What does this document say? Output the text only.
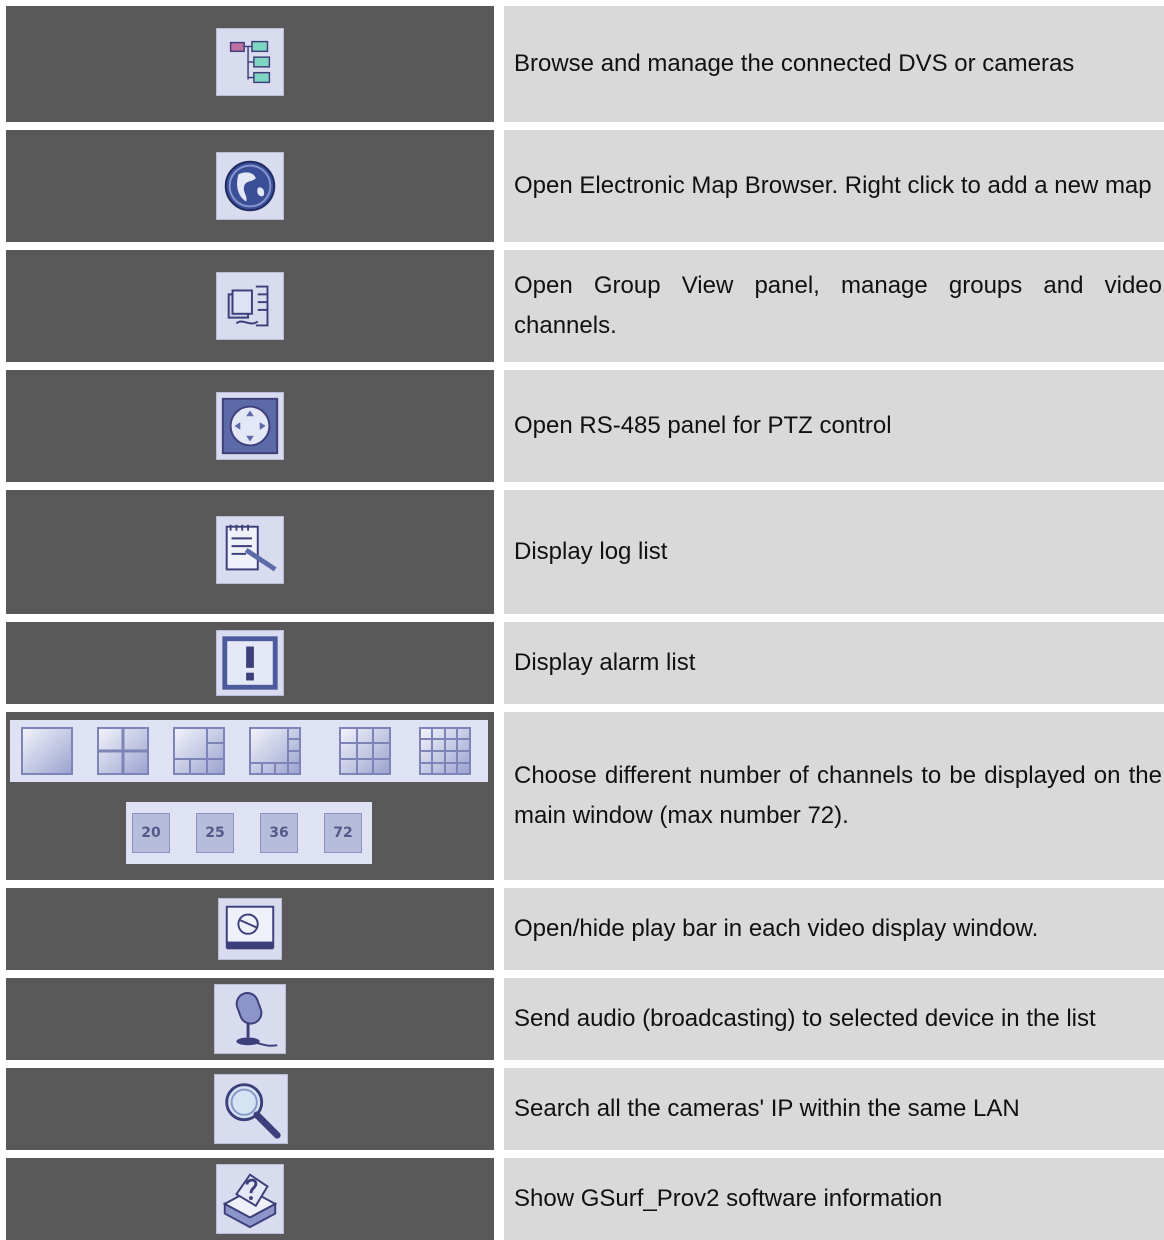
Browse and manage the connected DVS or cameras
Open Electronic Map Browser. Right click to add a new map
Open Group View panel, manage groups and video channels.
Open RS-485 panel for PTZ control
Display log list
Display alarm list
20	25	36	72
Choose different number of channels to be displayed on the main window (max number 72).
Open/hide play bar in each video display window.
Send audio (broadcasting) to selected device in the list
Search all the cameras' IP within the same LAN
Show GSurf_Prov2 software information
